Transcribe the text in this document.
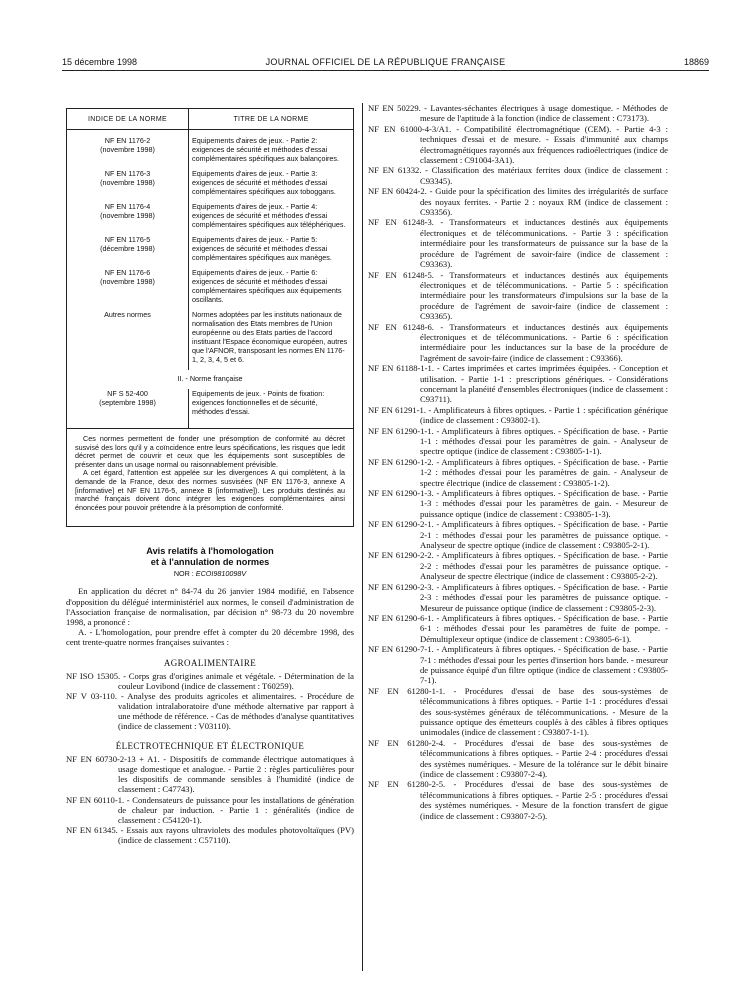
15 décembre 1998	JOURNAL OFFICIEL DE LA RÉPUBLIQUE FRANÇAISE	18869
INDICE DE LA NORME	TITRE DE LA NORME
NF EN 1176-2
(novembre 1998)	Equipements d'aires de jeux. - Partie 2: exigences de sécurité et méthodes d'essai complémentaires spécifiques aux balançoires.
NF EN 1176-3
(novembre 1998)	Equipements d'aires de jeux. - Partie 3: exigences de sécurité et méthodes d'essai complémentaires spécifiques aux toboggans.
NF EN 1176-4
(novembre 1998)	Equipements d'aires de jeux. - Partie 4: exigences de sécurité et méthodes d'essai complémentaires spécifiques aux téléphériques.
NF EN 1176-5
(décembre 1998)	Equipements d'aires de jeux. - Partie 5: exigences de sécurité et méthodes d'essai complémentaires spécifiques aux manèges.
NF EN 1176-6
(novembre 1998)	Equipements d'aires de jeux. - Partie 6: exigences de sécurité et méthodes d'essai complémentaires spécifiques aux équipements oscillants.
Autres normes	Normes adoptées par les instituts nationaux de normalisation des Etats membres de l'Union européenne ou des Etats parties de l'accord instituant l'Espace économique européen, autres que l'AFNOR, transposant les normes EN 1176-1, 2, 3, 4, 5 et 6.
II. - Norme française	
NF S 52-400
(septembre 1998)	Equipements de jeux. - Points de fixation: exigences fonctionnelles et de sécurité, méthodes d'essai.

Ces normes permettent de fonder une présomption de conformité au décret susvisé des lors qu'il y a coïncidence entre leurs spécifications, les risques que ledit décret permet de couvrir et ceux que les équipements sont susceptibles de présenter dans un usage normal ou raisonnablement prévisible.

A cet égard, l'attention est appelée sur les divergences A qui complètent, à la demande de la France, deux des normes susvisées (NF EN 1176-3, annexe A [informative] et NF EN 1176-5, annexe B [informative]). Les produits destinés au marché français doivent donc intégrer les exigences complémentaires ainsi énoncées pour pouvoir prétendre à la présomption de conformité.

Avis relatifs à l'homologation
et à l'annulation de normes
NOR : ECOI9810098V

En application du décret n° 84-74 du 26 janvier 1984 modifié, en l'absence d'opposition du délégué interministériel aux normes, le conseil d'administration de l'Association française de normalisation, par décision n° 98-73 du 20 novembre 1998, a prononcé :

A. - L'homologation, pour prendre effet à compter du 20 décembre 1998, des cent trente-quatre normes françaises suivantes :

AGROALIMENTAIRE

NF ISO 15305. - Corps gras d'origines animale et végétale. - Détermination de la couleur Lovibond (indice de classement : T60259).

NF V 03-110. - Analyse des produits agricoles et alimentaires. - Procédure de validation intralaboratoire d'une méthode alternative par rapport à une méthode de référence. - Cas de méthodes d'analyse quantitatives (indice de classement : V03110).

ÉLECTROTECHNIQUE ET ÉLECTRONIQUE

NF EN 60730-2-13 + A1. - Dispositifs de commande électrique automatiques à usage domestique et analogue. - Partie 2 : règles particulières pour les dispositifs de commande sensibles à l'humidité (indice de classement : C47743).

NF EN 60110-1. - Condensateurs de puissance pour les installations de génération de chaleur par induction. - Partie 1 : généralités (indice de classement : C54120-1).

NF EN 61345. - Essais aux rayons ultraviolets des modules photovoltaïques (PV) (indice de classement : C57110).

NF EN 50229. - Lavantes-séchantes électriques à usage domestique. - Méthodes de mesure de l'aptitude à la fonction (indice de classement : C73173).

NF EN 61000-4-3/A1. - Compatibilité électromagnétique (CEM). - Partie 4-3 : techniques d'essai et de mesure. - Essais d'immunité aux champs électromagnétiques rayonnés aux fréquences radioélectriques (indice de classement : C91004-3A1).

NF EN 61332. - Classification des matériaux ferrites doux (indice de classement : C93345).

NF EN 60424-2. - Guide pour la spécification des limites des irrégularités de surface des noyaux ferrites. - Partie 2 : noyaux RM (indice de classement : C93356).

NF EN 61248-3. - Transformateurs et inductances destinés aux équipements électroniques et de télécommunications. - Partie 3 : spécification intermédiaire pour les transformateurs de puissance sur la base de la procédure de l'agrément de savoir-faire (indice de classement : C93363).

NF EN 61248-5. - Transformateurs et inductances destinés aux équipements électroniques et de télécommunications. - Partie 5 : spécification intermédiaire pour les transformateurs d'impulsions sur la base de la procédure de l'agrément de savoir-faire (indice de classement : C93365).

NF EN 61248-6. - Transformateurs et inductances destinés aux équipements électroniques et de télécommunications. - Partie 6 : spécification intermédiaire pour les inductances sur la base de la procédure de l'agrément de savoir-faire (indice de classement : C93366).

NF EN 61188-1-1. - Cartes imprimées et cartes imprimées équipées. - Conception et utilisation. - Partie 1-1 : prescriptions génériques. - Considérations concernant la planéité d'ensembles électroniques (indice de classement : C93711).

NF EN 61291-1. - Amplificateurs à fibres optiques. - Partie 1 : spécification générique (indice de classement : C93802-1).

NF EN 61290-1-1. - Amplificateurs à fibres optiques. - Spécification de base. - Partie 1-1 : méthodes d'essai pour les paramètres de gain. - Analyseur de spectre optique (indice de classement : C93805-1-1).

NF EN 61290-1-2. - Amplificateurs à fibres optiques. - Spécification de base. - Partie 1-2 : méthodes d'essai pour les paramètres de gain. - Analyseur de spectre électrique (indice de classement : C93805-1-2).

NF EN 61290-1-3. - Amplificateurs à fibres optiques. - Spécification de base. - Partie 1-3 : méthodes d'essai pour les paramètres de gain. - Mesureur de puissance optique (indice de classement : C93805-1-3).

NF EN 61290-2-1. - Amplificateurs à fibres optiques. - Spécification de base. - Partie 2-1 : méthodes d'essai pour les paramètres de puissance optique. - Analyseur de spectre optique (indice de classement : C93805-2-1).

NF EN 61290-2-2. - Amplificateurs à fibres optiques. - Spécification de base. - Partie 2-2 : méthodes d'essai pour les paramètres de puissance optique. - Analyseur de spectre électrique (indice de classement : C93805-2-2).

NF EN 61290-2-3. - Amplificateurs à fibres optiques. - Spécification de base. - Partie 2-3 : méthodes d'essai pour les paramètres de puissance optique. - Mesureur de puissance optique (indice de classement : C93805-2-3).

NF EN 61290-6-1. - Amplificateurs à fibres optiques. - Spécification de base. - Partie 6-1 : méthodes d'essai pour les paramètres de fuite de pompe. - Démultiplexeur optique (indice de classement : C93805-6-1).

NF EN 61290-7-1. - Amplificateurs à fibres optiques. - Spécification de base. - Partie 7-1 : méthodes d'essai pour les pertes d'insertion hors bande. - mesureur de puissance équipé d'un filtre optique (indice de classement : C93805-7-1).

NF EN 61280-1-1. - Procédures d'essai de base des sous-systèmes de télécommunications à fibres optiques. - Partie 1-1 : procédures d'essai des sous-systèmes généraux de télécommunications. - Mesure de la puissance optique des émetteurs couplés à des câbles à fibres optiques unimodales (indice de classement : C93807-1-1).

NF EN 61280-2-4. - Procédures d'essai de base des sous-systèmes de télécommunications à fibres optiques. - Partie 2-4 : procédures d'essai des systèmes numériques. - Mesure de la tolérance sur le débit binaire (indice de classement : C93807-2-4).

NF EN 61280-2-5. - Procédures d'essai de base des sous-systèmes de télécommunications à fibres optiques. - Partie 2-5 : procédures d'essai des systèmes numériques. - Mesure de la fonction transfert de gigue (indice de classement : C93807-2-5).
